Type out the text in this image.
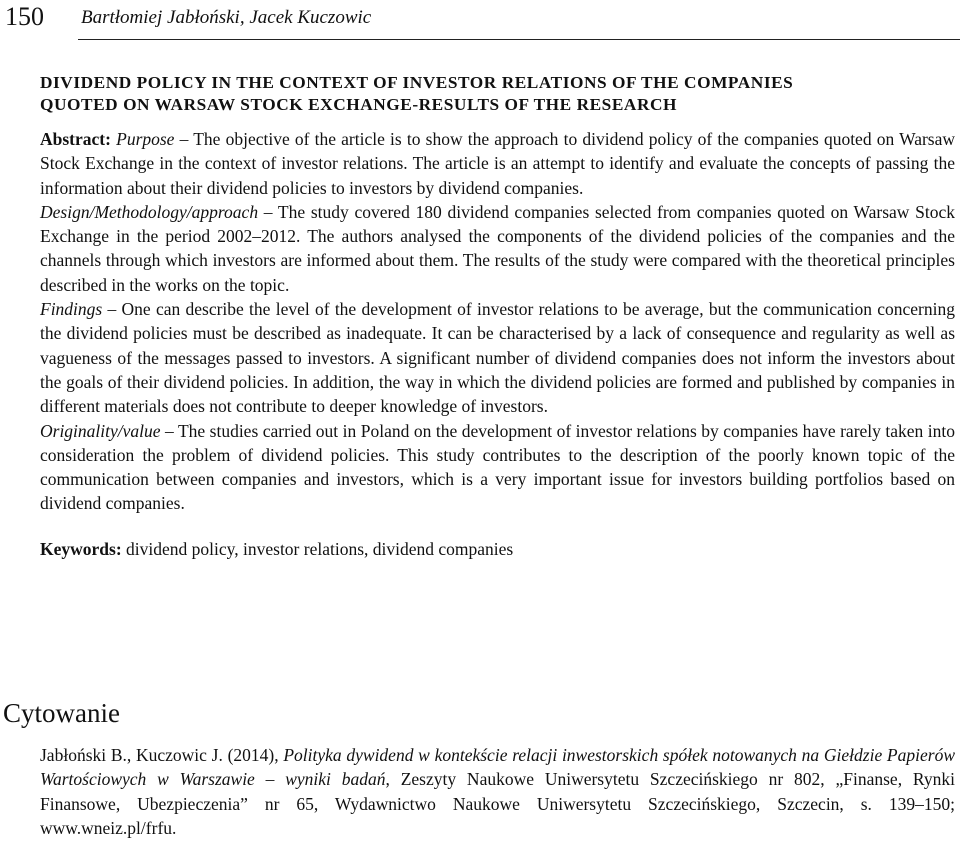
150 Bartłomiej Jabłoński, Jacek Kuczowic
DIVIDEND POLICY IN THE CONTEXT OF INVESTOR RELATIONS OF THE COMPANIES
QUOTED ON WARSAW STOCK EXCHANGE-RESULTS OF THE RESEARCH

Abstract: Purpose – The objective of the article is to show the approach to dividend policy of the companies quoted on Warsaw Stock Exchange in the context of investor relations. The article is an attempt to identify and evaluate the concepts of passing the information about their dividend policies to investors by dividend companies.

Design/Methodology/approach – The study covered 180 dividend companies selected from companies quoted on Warsaw Stock Exchange in the period 2002–2012. The authors analysed the components of the dividend policies of the companies and the channels through which investors are informed about them. The results of the study were compared with the theoretical principles described in the works on the topic.

Findings – One can describe the level of the development of investor relations to be average, but the communication concerning the dividend policies must be described as inadequate. It can be characterised by a lack of consequence and regularity as well as vagueness of the messages passed to investors. A significant number of dividend companies does not inform the investors about the goals of their dividend policies. In addition, the way in which the dividend policies are formed and published by companies in different materials does not contribute to deeper knowledge of investors.

Originality/value – The studies carried out in Poland on the development of investor relations by companies have rarely taken into consideration the problem of dividend policies. This study contributes to the description of the poorly known topic of the communication between companies and investors, which is a very important issue for investors building portfolios based on dividend companies.

Keywords: dividend policy, investor relations, dividend companies

Cytowanie

Jabłoński B., Kuczowic J. (2014), Polityka dywidend w kontekście relacji inwestorskich spółek notowanych na Giełdzie Papierów Wartościowych w Warszawie – wyniki badań, Zeszyty Naukowe Uniwersytetu Szczecińskiego nr 802, „Finanse, Rynki Finansowe, Ubezpieczenia” nr 65, Wydawnictwo Naukowe Uniwersytetu Szczecińskiego, Szczecin, s. 139–150; www.wneiz.pl/frfu.
